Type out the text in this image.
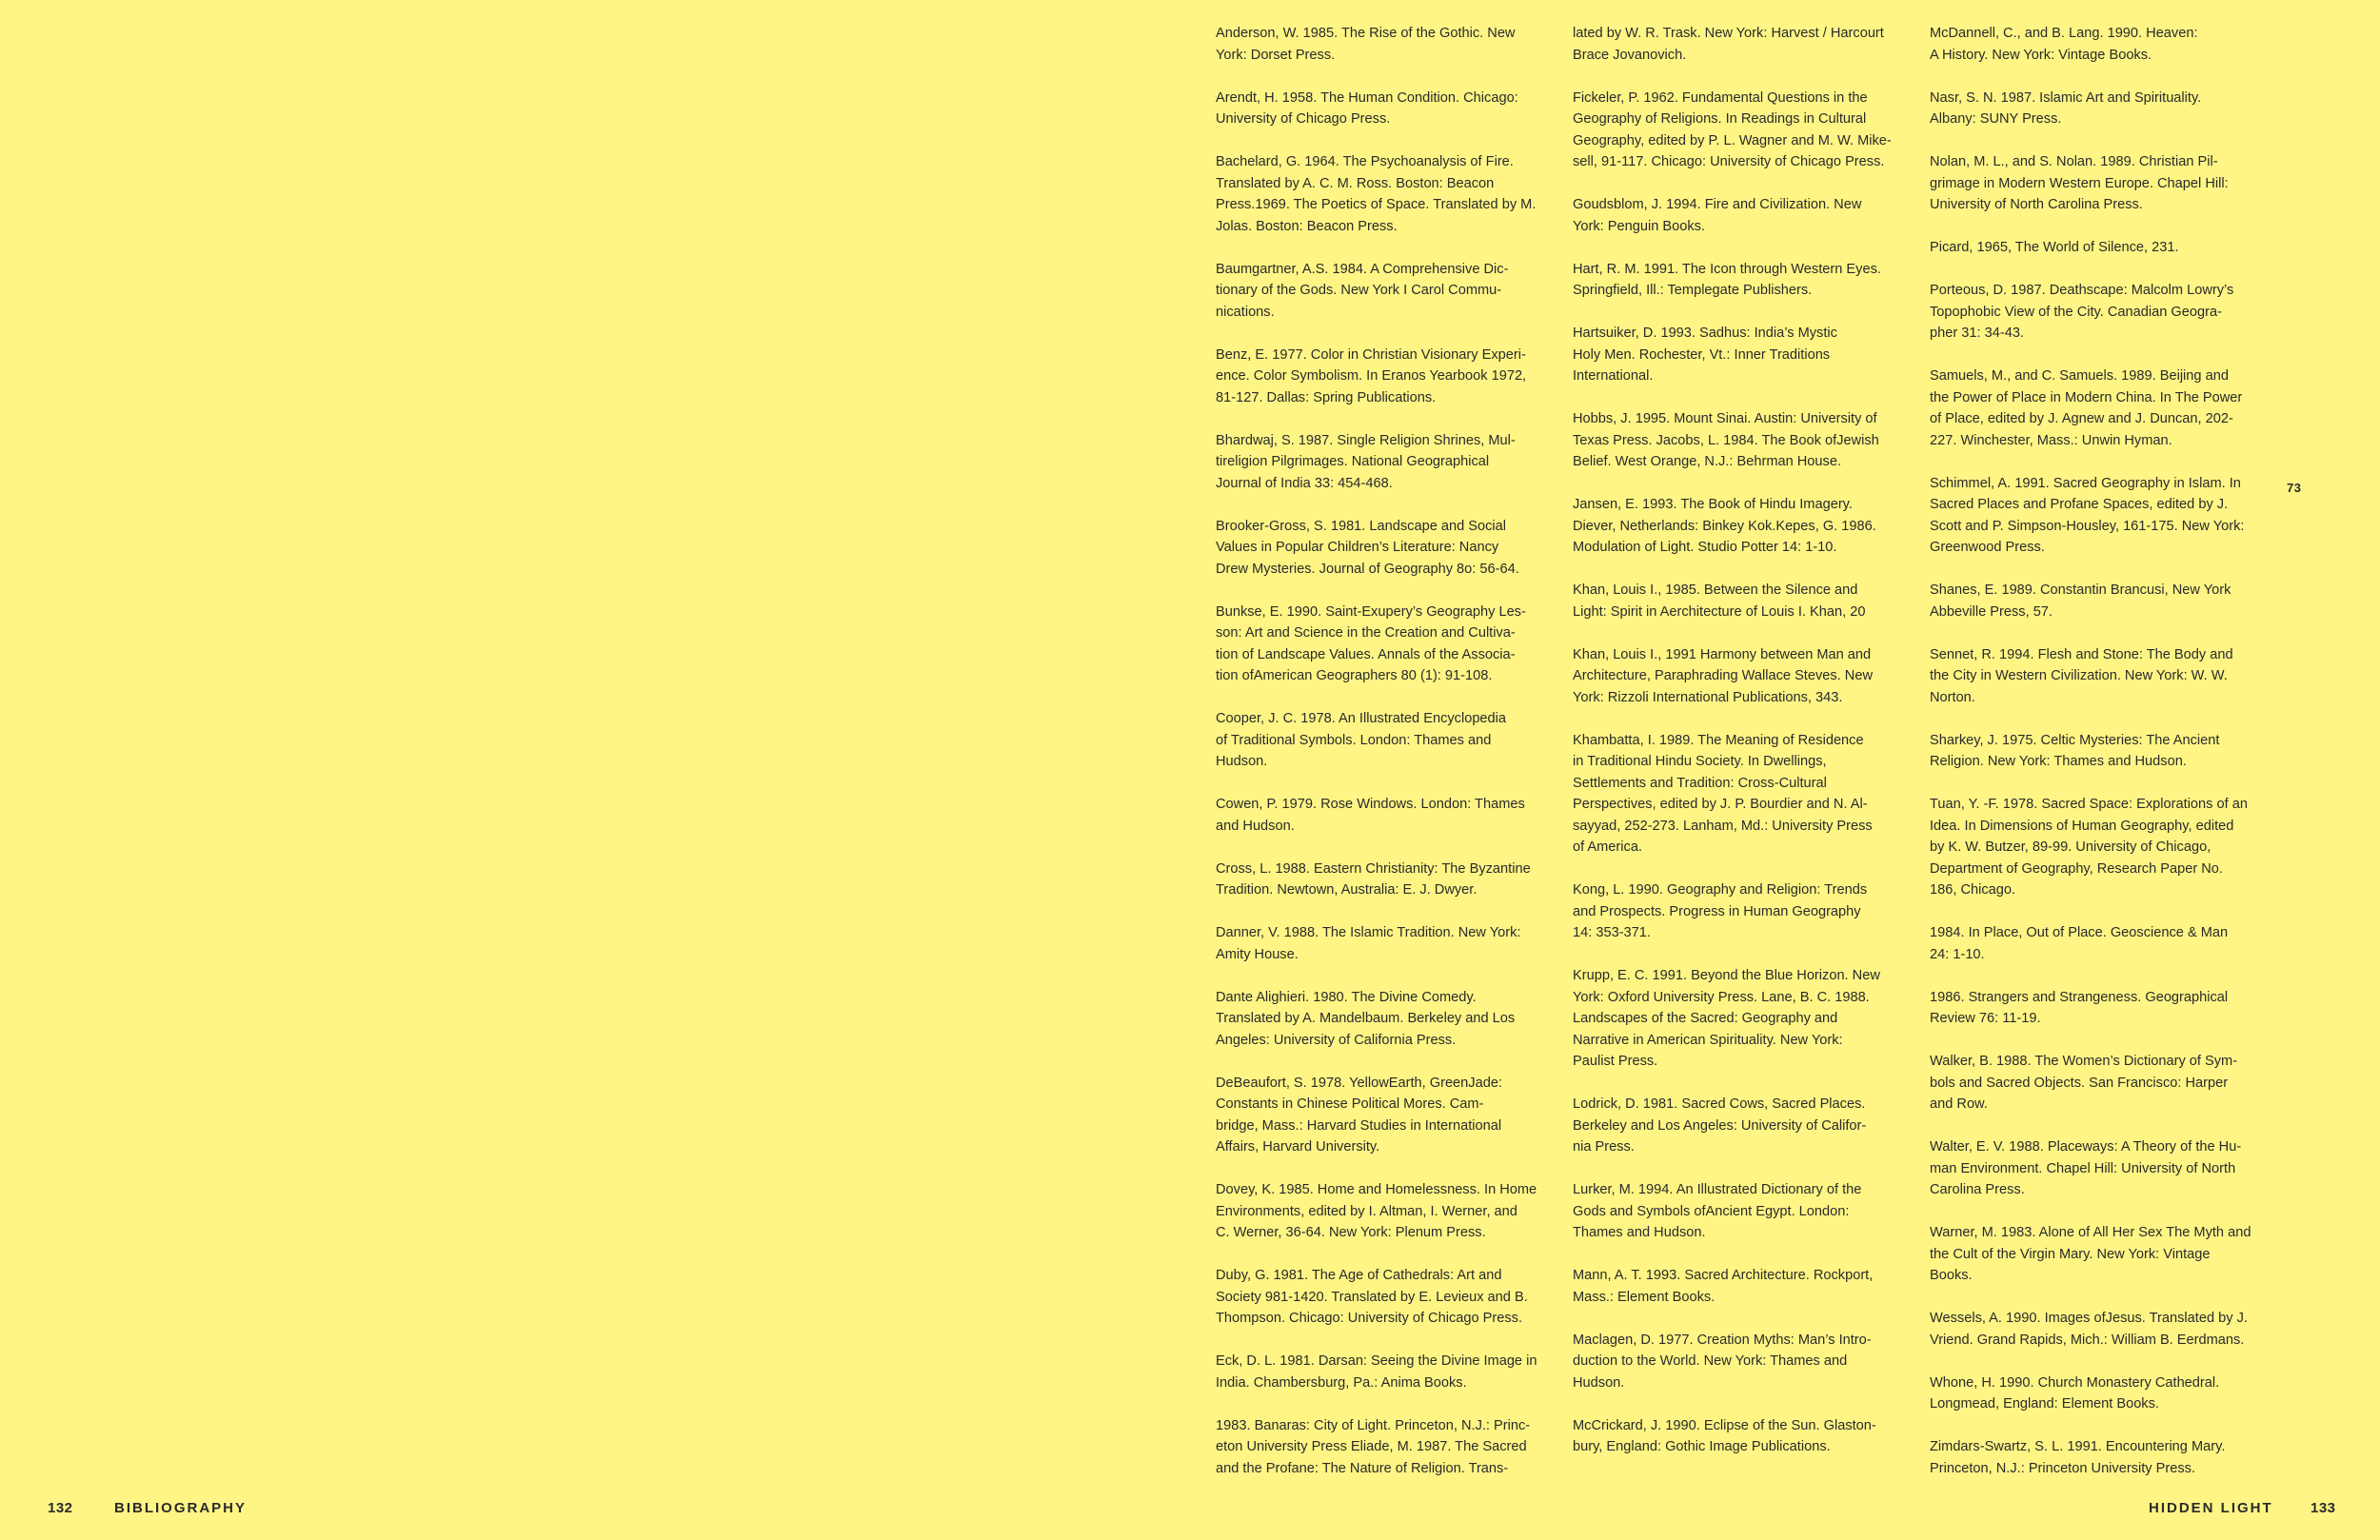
Anderson, W. 1985. The Rise of the Gothic. New
York: Dorset Press.
Arendt, H. 1958. The Human Condition. Chicago:
University of Chicago Press.
Bachelard, G. 1964. The Psychoanalysis of Fire.
Translated by A. C. M. Ross. Boston: Beacon
Press.1969. The Poetics of Space. Translated by M.
Jolas. Boston: Beacon Press.
Baumgartner, A.S. 1984. A Comprehensive Dic-
tionary of the Gods. New York I Carol Commu-
nications.
Benz, E. 1977. Color in Christian Visionary Experi-
ence. Color Symbolism. In Eranos Yearbook 1972,
81-127. Dallas: Spring Publications.
Bhardwaj, S. 1987. Single Religion Shrines, Mul-
tireligion Pilgrimages. National Geographical
Journal of India 33: 454-468.
Brooker-Gross, S. 1981. Landscape and Social
Values in Popular Children’s Literature: Nancy
Drew Mysteries. Journal of Geography 8o: 56-64.
Bunkse, E. 1990. Saint-Exupery’s Geography Les-
son: Art and Science in the Creation and Cultiva-
tion of Landscape Values. Annals of the Associa-
tion ofAmerican Geographers 80 (1): 91-108.
Cooper, J. C. 1978. An Illustrated Encyclopedia
of Traditional Symbols. London: Thames and
Hudson.
Cowen, P. 1979. Rose Windows. London: Thames
and Hudson.
Cross, L. 1988. Eastern Christianity: The Byzantine
Tradition. Newtown, Australia: E. J. Dwyer.
Danner, V. 1988. The Islamic Tradition. New York:
Amity House.
Dante Alighieri. 1980. The Divine Comedy.
Translated by A. Mandelbaum. Berkeley and Los
Angeles: University of California Press.
DeBeaufort, S. 1978. YellowEarth, GreenJade:
Constants in Chinese Political Mores. Cam-
bridge, Mass.: Harvard Studies in International
Affairs, Harvard University.
Dovey, K. 1985. Home and Homelessness. In Home
Environments, edited by I. Altman, I. Werner, and
C. Werner, 36-64. New York: Plenum Press.
Duby, G. 1981. The Age of Cathedrals: Art and
Society 981-1420. Translated by E. Levieux and B.
Thompson. Chicago: University of Chicago Press.
Eck, D. L. 1981. Darsan: Seeing the Divine Image in
India. Chambersburg, Pa.: Anima Books.
1983. Banaras: City of Light. Princeton, N.J.: Princ-
eton University Press Eliade, M. 1987. The Sacred
and the Profane: The Nature of Religion. Trans-
lated by W. R. Trask. New York: Harvest / Harcourt
Brace Jovanovich.
Fickeler, P. 1962. Fundamental Questions in the
Geography of Religions. In Readings in Cultural
Geography, edited by P. L. Wagner and M. W. Mike-
sell, 91-117. Chicago: University of Chicago Press.
Goudsblom, J. 1994. Fire and Civilization. New
York: Penguin Books.
Hart, R. M. 1991. The Icon through Western Eyes.
Springfield, Ill.: Templegate Publishers.
Hartsuiker, D. 1993. Sadhus: India’s Mystic
Holy Men. Rochester, Vt.: Inner Traditions
International.
Hobbs, J. 1995. Mount Sinai. Austin: University of
Texas Press. Jacobs, L. 1984. The Book ofJewish
Belief. West Orange, N.J.: Behrman House.
Jansen, E. 1993. The Book of Hindu Imagery.
Diever, Netherlands: Binkey Kok.Kepes, G. 1986.
Modulation of Light. Studio Potter 14: 1-10.
Khan, Louis I., 1985. Between the Silence and
Light: Spirit in Aerchitecture of Louis I. Khan, 20
Khan, Louis I., 1991 Harmony between Man and
Architecture, Paraphrading Wallace Steves. New
York: Rizzoli International Publications, 343.
Khambatta, I. 1989. The Meaning of Residence
in Traditional Hindu Society. In Dwellings,
Settlements and Tradition: Cross-Cultural
Perspectives, edited by J. P. Bourdier and N. Al-
sayyad, 252-273. Lanham, Md.: University Press
of America.
Kong, L. 1990. Geography and Religion: Trends
and Prospects. Progress in Human Geography
14: 353-371.
Krupp, E. C. 1991. Beyond the Blue Horizon. New
York: Oxford University Press. Lane, B. C. 1988.
Landscapes of the Sacred: Geography and
Narrative in American Spirituality. New York:
Paulist Press.
Lodrick, D. 1981. Sacred Cows, Sacred Places.
Berkeley and Los Angeles: University of Califor-
nia Press.
Lurker, M. 1994. An Illustrated Dictionary of the
Gods and Symbols ofAncient Egypt. London:
Thames and Hudson.
Mann, A. T. 1993. Sacred Architecture. Rockport,
Mass.: Element Books.
Maclagen, D. 1977. Creation Myths: Man’s Intro-
duction to the World. New York: Thames and
Hudson.
McCrickard, J. 1990. Eclipse of the Sun. Glaston-
bury, England: Gothic Image Publications.
McDannell, C., and B. Lang. 1990. Heaven:
A History. New York: Vintage Books.
Nasr, S. N. 1987. Islamic Art and Spirituality.
Albany: SUNY Press.
Nolan, M. L., and S. Nolan. 1989. Christian Pil-
grimage in Modern Western Europe. Chapel Hill:
University of North Carolina Press.
Picard, 1965, The World of Silence, 231.
Porteous, D. 1987. Deathscape: Malcolm Lowry’s
Topophobic View of the City. Canadian Geogra-
pher 31: 34-43.
Samuels, M., and C. Samuels. 1989. Beijing and
the Power of Place in Modern China. In The Power
of Place, edited by J. Agnew and J. Duncan, 202-
227. Winchester, Mass.: Unwin Hyman.
Schimmel, A. 1991. Sacred Geography in Islam. In
Sacred Places and Profane Spaces, edited by J.
Scott and P. Simpson-Housley, 161-175. New York:
Greenwood Press.
Shanes, E. 1989. Constantin Brancusi, New York
Abbeville Press, 57.
Sennet, R. 1994. Flesh and Stone: The Body and
the City in Western Civilization. New York: W. W.
Norton.
Sharkey, J. 1975. Celtic Mysteries: The Ancient
Religion. New York: Thames and Hudson.
Tuan, Y. -F. 1978. Sacred Space: Explorations of an
Idea. In Dimensions of Human Geography, edited
by K. W. Butzer, 89-99. University of Chicago,
Department of Geography, Research Paper No.
186, Chicago.
1984. In Place, Out of Place. Geoscience & Man
24: 1-10.
1986. Strangers and Strangeness. Geographical
Review 76: 11-19.
Walker, B. 1988. The Women’s Dictionary of Sym-
bols and Sacred Objects. San Francisco: Harper
and Row.
Walter, E. V. 1988. Placeways: A Theory of the Hu-
man Environment. Chapel Hill: University of North
Carolina Press.
Warner, M. 1983. Alone of All Her Sex The Myth and
the Cult of the Virgin Mary. New York: Vintage
Books.
Wessels, A. 1990. Images ofJesus. Translated by J.
Vriend. Grand Rapids, Mich.: William B. Eerdmans.
Whone, H. 1990. Church Monastery Cathedral.
Longmead, England: Element Books.
Zimdars-Swartz, S. L. 1991. Encountering Mary.
Princeton, N.J.: Princeton University Press.
73
132	BIBLIOGRAPHY	HIDDEN LIGHT	133
